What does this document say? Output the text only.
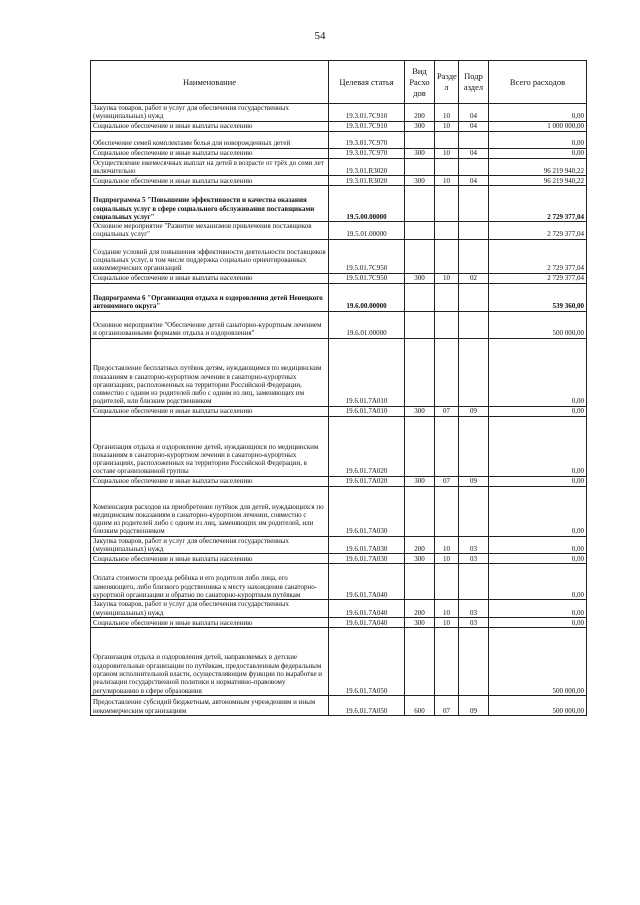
54
Наименование	Целевая статья	Вид Расхо дов	Разде л	Подр аздел	Всего расходов
Закупка товаров, работ и услуг для обеспечения государственных (муниципальных) нужд	19.3.01.7С910	200	10	04	0,00
Социальное обеспечение и иные выплаты населению	19.3.01.7С910	300	10	04	1 000 000,00
Обеспечение семей комплектами белья для новорожденных детей	19.3.01.7С970				0,00
Социальное обеспечение и иные выплаты населению	19.3.01.7С970	300	10	04	0,00
Осуществление ежемесячных выплат на детей в возрасте от трёх до семи лет включительно	19.3.01.R3020				96 219 940,22
Социальное обеспечение и иные выплаты населению	19.3.01.R3020	300	10	04	96 219 940,22
Подпрограмма 5 "Повышение эффективности и качества оказания социальных услуг в сфере социального обслуживания поставщиками социальных услуг"	19.5.00.00000				2 729 377,04
Основное мероприятие "Развитие механизмов привлечения поставщиков социальных услуг"	19.5.01.00000				2 729 377,04
Создание условий для повышения эффективности деятельности поставщиков социальных услуг, в том числе поддержка социально ориентированных некоммерческих организаций	19.5.01.7С950				2 729 377,04
Социальное обеспечение и иные выплаты населению	19.5.01.7С950	300	10	02	2 729 377,04
Подпрограмма 6 "Организация отдыха и оздоровления детей Ненецкого автономного округа"	19.6.00.00000				539 360,00
Основное мероприятие "Обеспечение детей санаторно-курортным лечением и организованными формами отдыха и оздоровления"	19.6.01.00000				500 000,00
Предоставление бесплатных путёвок детям, нуждающимся по медицинским показаниям в санаторно-курортном лечении в санаторно-курортных организациях, расположенных на территории Российской Федерации, совместно с одним из родителей либо с одним из лиц, заменяющих им родителей, или близким родственником	19.6.01.7А010				0,00
Социальное обеспечение и иные выплаты населению	19.6.01.7А010	300	07	09	0,00
Организация отдыха и оздоровление детей, нуждающихся по медицинским показаниям в санаторно-курортном лечении в санаторно-курортных организациях, расположенных на территории Российской Федерации, в составе организованной группы	19.6.01.7А020				0,00
Социальное обеспечение и иные выплаты населению	19.6.01.7А020	300	07	09	0,00
Компенсация расходов на приобретение путёвок для детей, нуждающихся по медицинским показаниям в санаторно-курортном лечении, совместно с одним из родителей либо с одним из лиц, заменяющих им родителей, или близким родственником	19.6.01.7А030				0,00
Закупка товаров, работ и услуг для обеспечения государственных (муниципальных) нужд	19.6.01.7А030	200	10	03	0,00
Социальное обеспечение и иные выплаты населению	19.6.01.7А030	300	10	03	0,00
Оплата стоимости проезда ребёнка и его родителя либо лица, его заменяющего, либо близкого родственника к месту нахождения санаторно-курортной организации и обратно по санаторно-курортным путёвкам	19.6.01.7А040				0,00
Закупка товаров, работ и услуг для обеспечения государственных (муниципальных) нужд	19.6.01.7А040	200	10	03	0,00
Социальное обеспечение и иные выплаты населению	19.6.01.7А040	300	10	03	0,00
Организация отдыха и оздоровления детей, направляемых в детские оздоровительные организации по путёвкам, предоставленным федеральным органом исполнительной власти, осуществляющим функции по выработке и реализации государственной политики и нормативно-правовому регулированию в сфере образования	19.6.01.7А050				500 000,00
Предоставление субсидий бюджетным, автономным учреждениям и иным некоммерческим организациям	19.6.01.7А050	600	07	09	500 000,00
